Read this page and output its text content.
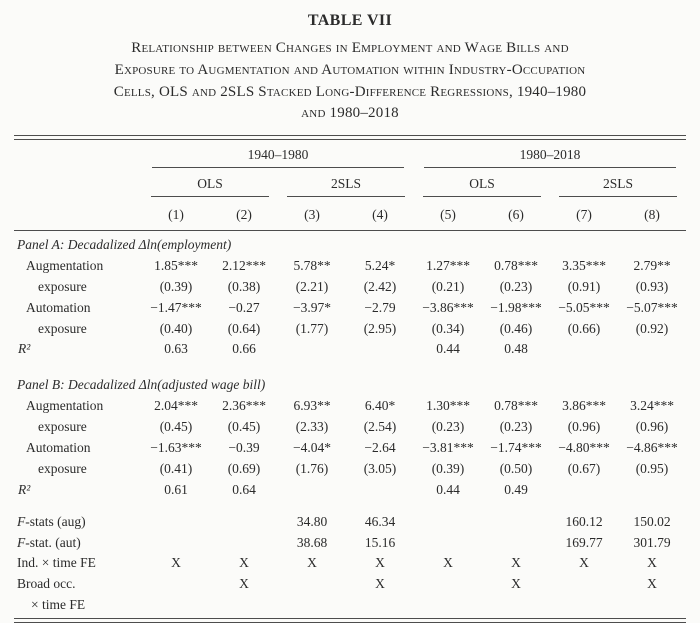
TABLE VII
Relationship between Changes in Employment and Wage Bills and
Exposure to Augmentation and Automation within Industry-Occupation
Cells, OLS and 2SLS Stacked Long-Difference Regressions, 1940–1980
and 1980–2018

	1940–1980				1980–2018			

	OLS		2SLS		OLS		2SLS	

	(1)	(2)	(3)	(4)	(5)	(6)	(7)	(8)
Panel A: Decadalized Δln(employment)								
Augmentation	1.85***	2.12***	5.78**	5.24*	1.27***	0.78***	3.35***	2.79**
exposure	(0.39)	(0.38)	(2.21)	(2.42)	(0.21)	(0.23)	(0.91)	(0.93)
Automation	−1.47***	−0.27	−3.97*	−2.79	−3.86***	−1.98***	−5.05***	−5.07***
exposure	(0.40)	(0.64)	(1.77)	(2.95)	(0.34)	(0.46)	(0.66)	(0.92)
R²	0.63	0.66			0.44	0.48		

Panel B: Decadalized Δln(adjusted wage bill)								
Augmentation	2.04***	2.36***	6.93**	6.40*	1.30***	0.78***	3.86***	3.24***
exposure	(0.45)	(0.45)	(2.33)	(2.54)	(0.23)	(0.23)	(0.96)	(0.96)
Automation	−1.63***	−0.39	−4.04*	−2.64	−3.81***	−1.74***	−4.80***	−4.86***
exposure	(0.41)	(0.69)	(1.76)	(3.05)	(0.39)	(0.50)	(0.67)	(0.95)
R²	0.61	0.64			0.44	0.49		

F-stats (aug)			34.80	46.34			160.12	150.02
F-stat. (aut)			38.68	15.16			169.77	301.79
Ind. × time FE	X	X	X	X	X	X	X	X
Broad occ.		X		X		X		X
× time FE								
